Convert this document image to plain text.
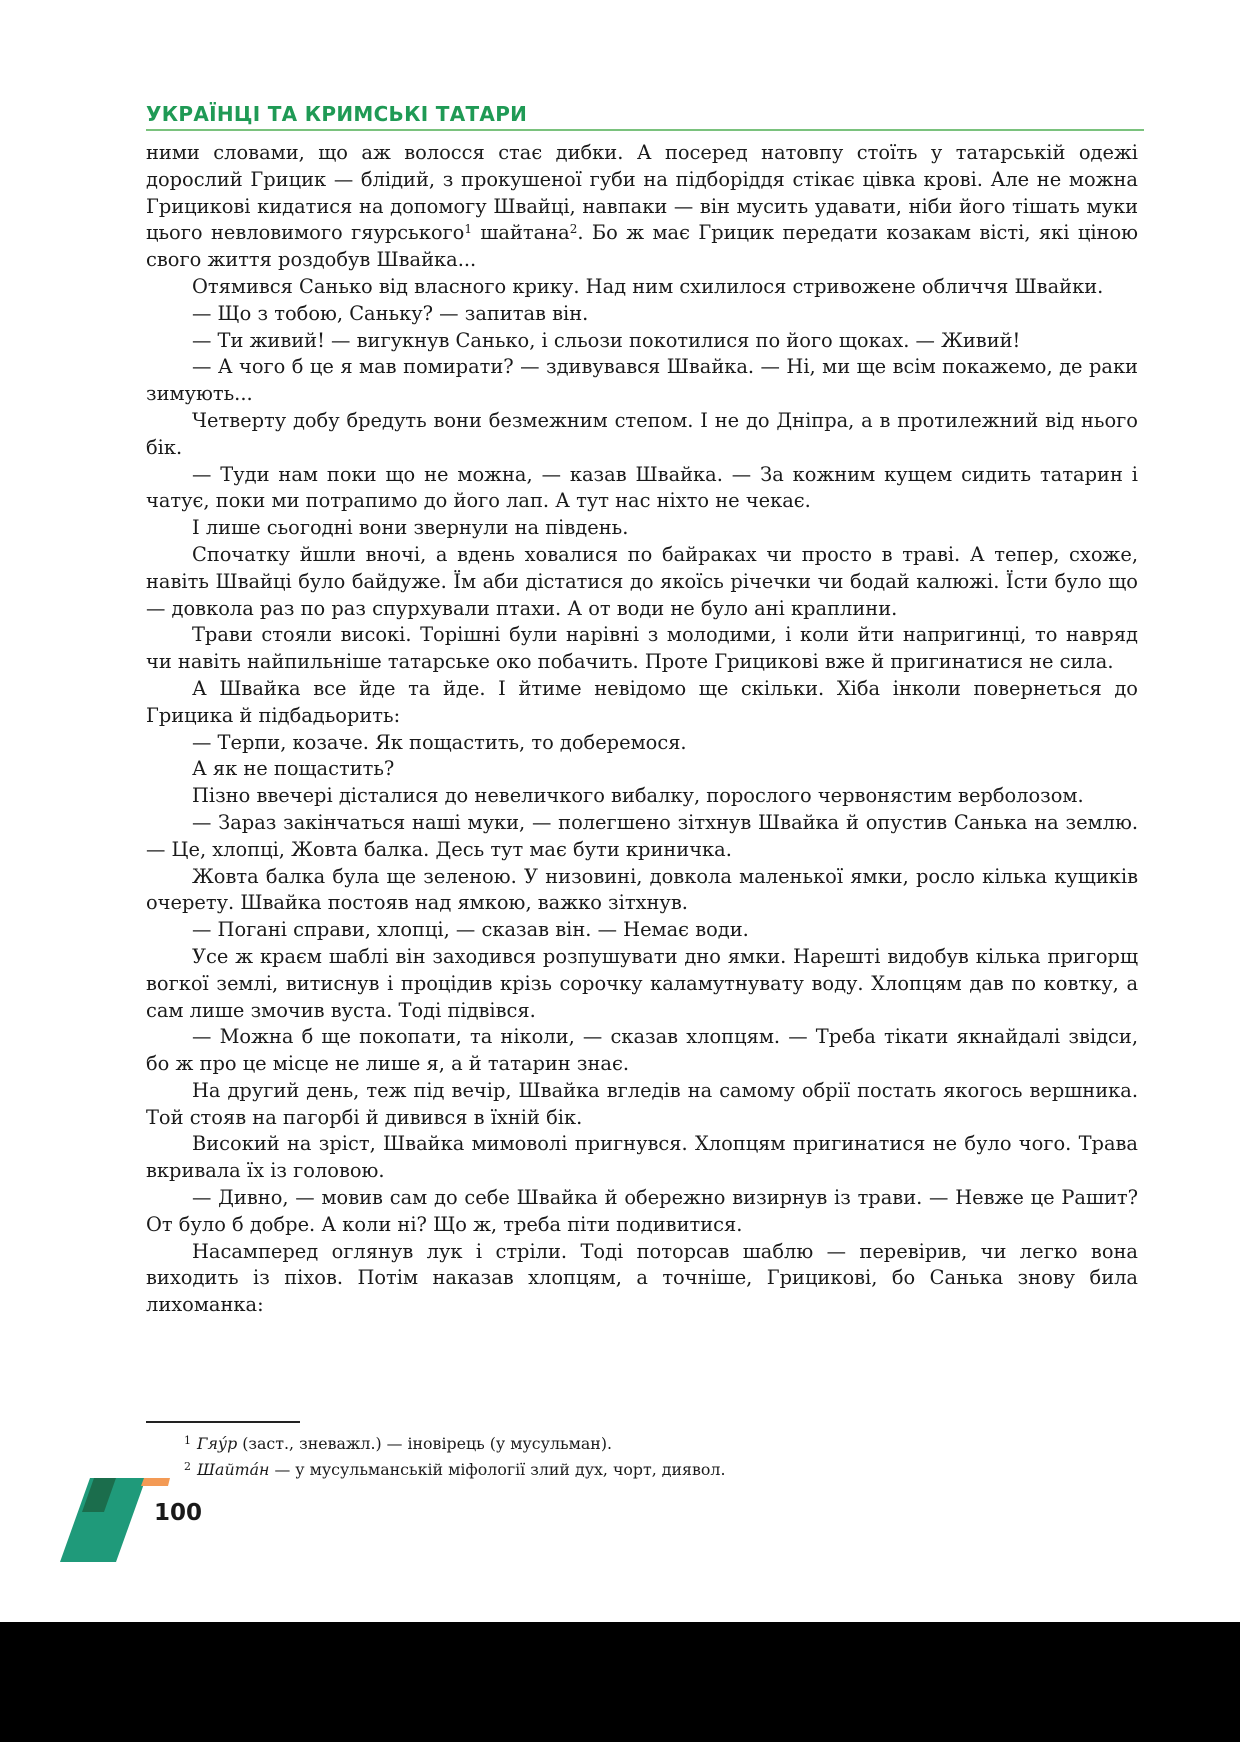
УКРАЇНЦІ ТА КРИМСЬКІ ТАТАРИ

ними словами, що аж волосся стає дибки. А посеред натовпу стоїть у татарській одежі дорослий Грицик — блідий, з прокушеної губи на підборіддя стікає цівка крові. Але не можна Грицикові кидатися на допомогу Швайці, навпаки — він мусить удавати, ніби його тішать муки цього невловимого гяурського$^1$ шайтана$^2$. Бо ж має Грицик передати козакам вісті, які ціною свого життя роздобув Швайка...

Отямився Санько від власного крику. Над ним схилилося стривожене обличчя Швайки.

— Що з тобою, Саньку? — запитав він.

— Ти живий! — вигукнув Санько, і сльози покотилися по його щоках. — Живий!

— А чого б це я мав помирати? — здивувався Швайка. — Ні, ми ще всім покажемо, де раки зимують...

Четверту добу бредуть вони безмежним степом. І не до Дніпра, а в протилежний від нього бік.

— Туди нам поки що не можна, — казав Швайка. — За кожним кущем сидить татарин і чатує, поки ми потрапимо до його лап. А тут нас ніхто не чекає.

І лише сьогодні вони звернули на південь.

Спочатку йшли вночі, а вдень ховалися по байраках чи просто в траві. А тепер, схоже, навіть Швайці було байдуже. Їм аби дістатися до якоїсь річечки чи бодай калюжі. Їсти було що — довкола раз по раз спурхували птахи. А от води не було ані краплини.

Трави стояли високі. Торішні були нарівні з молодими, і коли йти напригинці, то навряд чи навіть найпильніше татарське око побачить. Проте Грицикові вже й пригинатися не сила.

А Швайка все йде та йде. І йтиме невідомо ще скільки. Хіба інколи повернеться до Грицика й підбадьорить:

— Терпи, козаче. Як пощастить, то доберемося.

А як не пощастить?

Пізно ввечері дісталися до невеличкого вибалку, порослого червонястим верболозом.

— Зараз закінчаться наші муки, — полегшено зітхнув Швайка й опустив Санька на землю. — Це, хлопці, Жовта балка. Десь тут має бути криничка.

Жовта балка була ще зеленою. У низовині, довкола маленької ямки, росло кілька кущиків очерету. Швайка постояв над ямкою, важко зітхнув.

— Погані справи, хлопці, — сказав він. — Немає води.

Усе ж краєм шаблі він заходився розпушувати дно ямки. Нарешті видобув кілька пригорщ вогкої землі, витиснув і процідив крізь сорочку каламутнувату воду. Хлопцям дав по ковтку, а сам лише змочив вуста. Тоді підвівся.

— Можна б ще покопати, та ніколи, — сказав хлопцям. — Треба тікати якнайдалі звідси, бо ж про це місце не лише я, а й татарин знає.

На другий день, теж під вечір, Швайка вгледів на самому обрії постать якогось вершника. Той стояв на пагорбі й дивився в їхній бік.

Високий на зріст, Швайка мимоволі пригнувся. Хлопцям пригинатися не було чого. Трава вкривала їх із головою.

— Дивно, — мовив сам до себе Швайка й обережно визирнув із трави. — Невже це Рашит? От було б добре. А коли ні? Що ж, треба піти подивитися.

Насамперед оглянув лук і стріли. Тоді поторсав шаблю — перевірив, чи легко вона виходить із піхов. Потім наказав хлопцям, а точніше, Грицикові, бо Санька знову била лихоманка:

$^1$ Гяу́р (заст., зневажл.) — іновірець (у мусульман).
$^2$ Шайта́н — у мусульманській міфології злий дух, чорт, диявол.
100
